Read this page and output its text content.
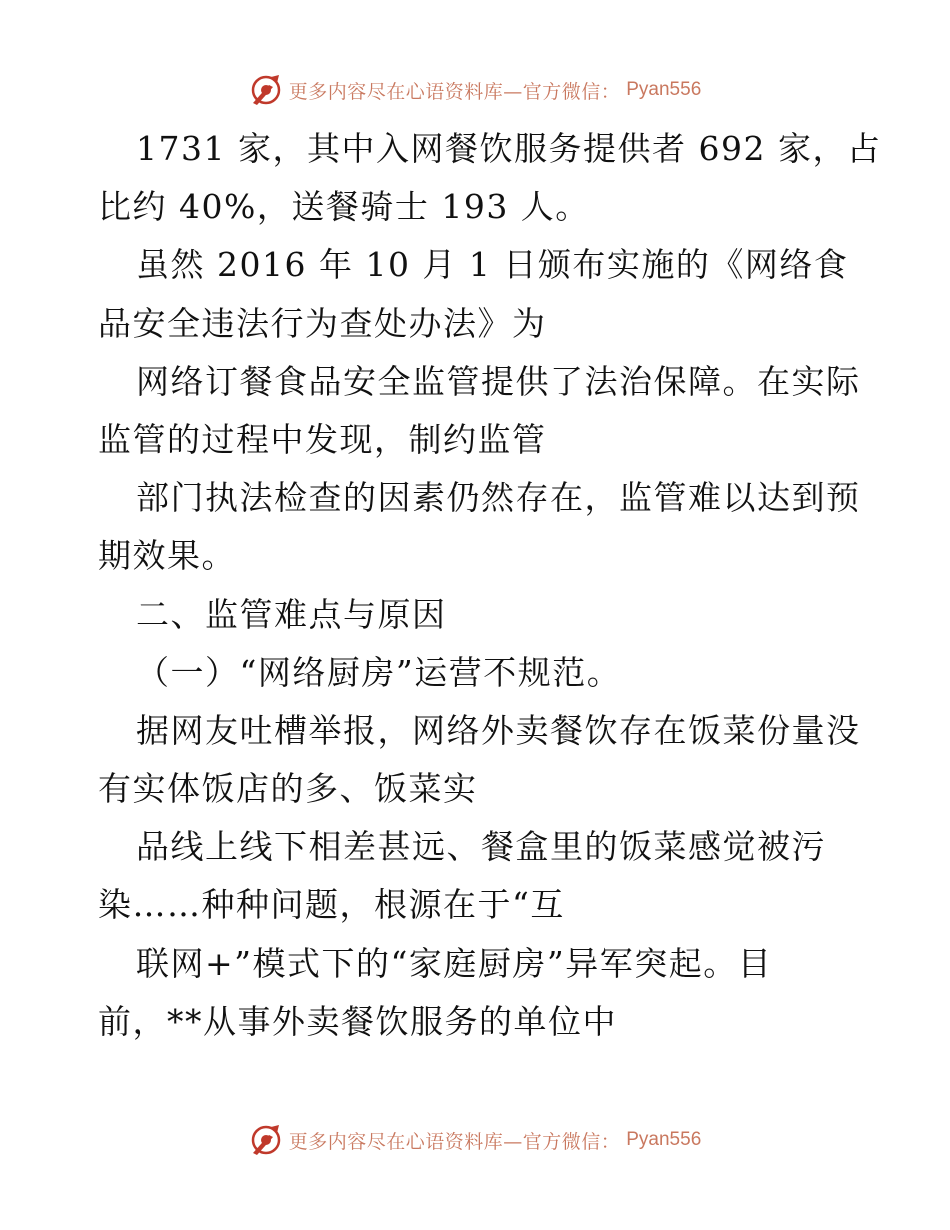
更多内容尽在心语资料库—官方微信： Pyan556
1731 家，其中入网餐饮服务提供者 692 家，占
比约 40%，送餐骑士 193 人。
虽然 2016 年 10 月 1 日颁布实施的《网络食
品安全违法行为查处办法》为
网络订餐食品安全监管提供了法治保障。在实际
监管的过程中发现，制约监管
部门执法检查的因素仍然存在，监管难以达到预
期效果。
二、监管难点与原因
（一）“网络厨房”运营不规范。
据网友吐槽举报，网络外卖餐饮存在饭菜份量没
有实体饭店的多、饭菜实
品线上线下相差甚远、餐盒里的饭菜感觉被污
染……种种问题，根源在于“互
联网+”模式下的“家庭厨房”异军突起。目
前，**从事外卖餐饮服务的单位中
更多内容尽在心语资料库—官方微信： Pyan556
